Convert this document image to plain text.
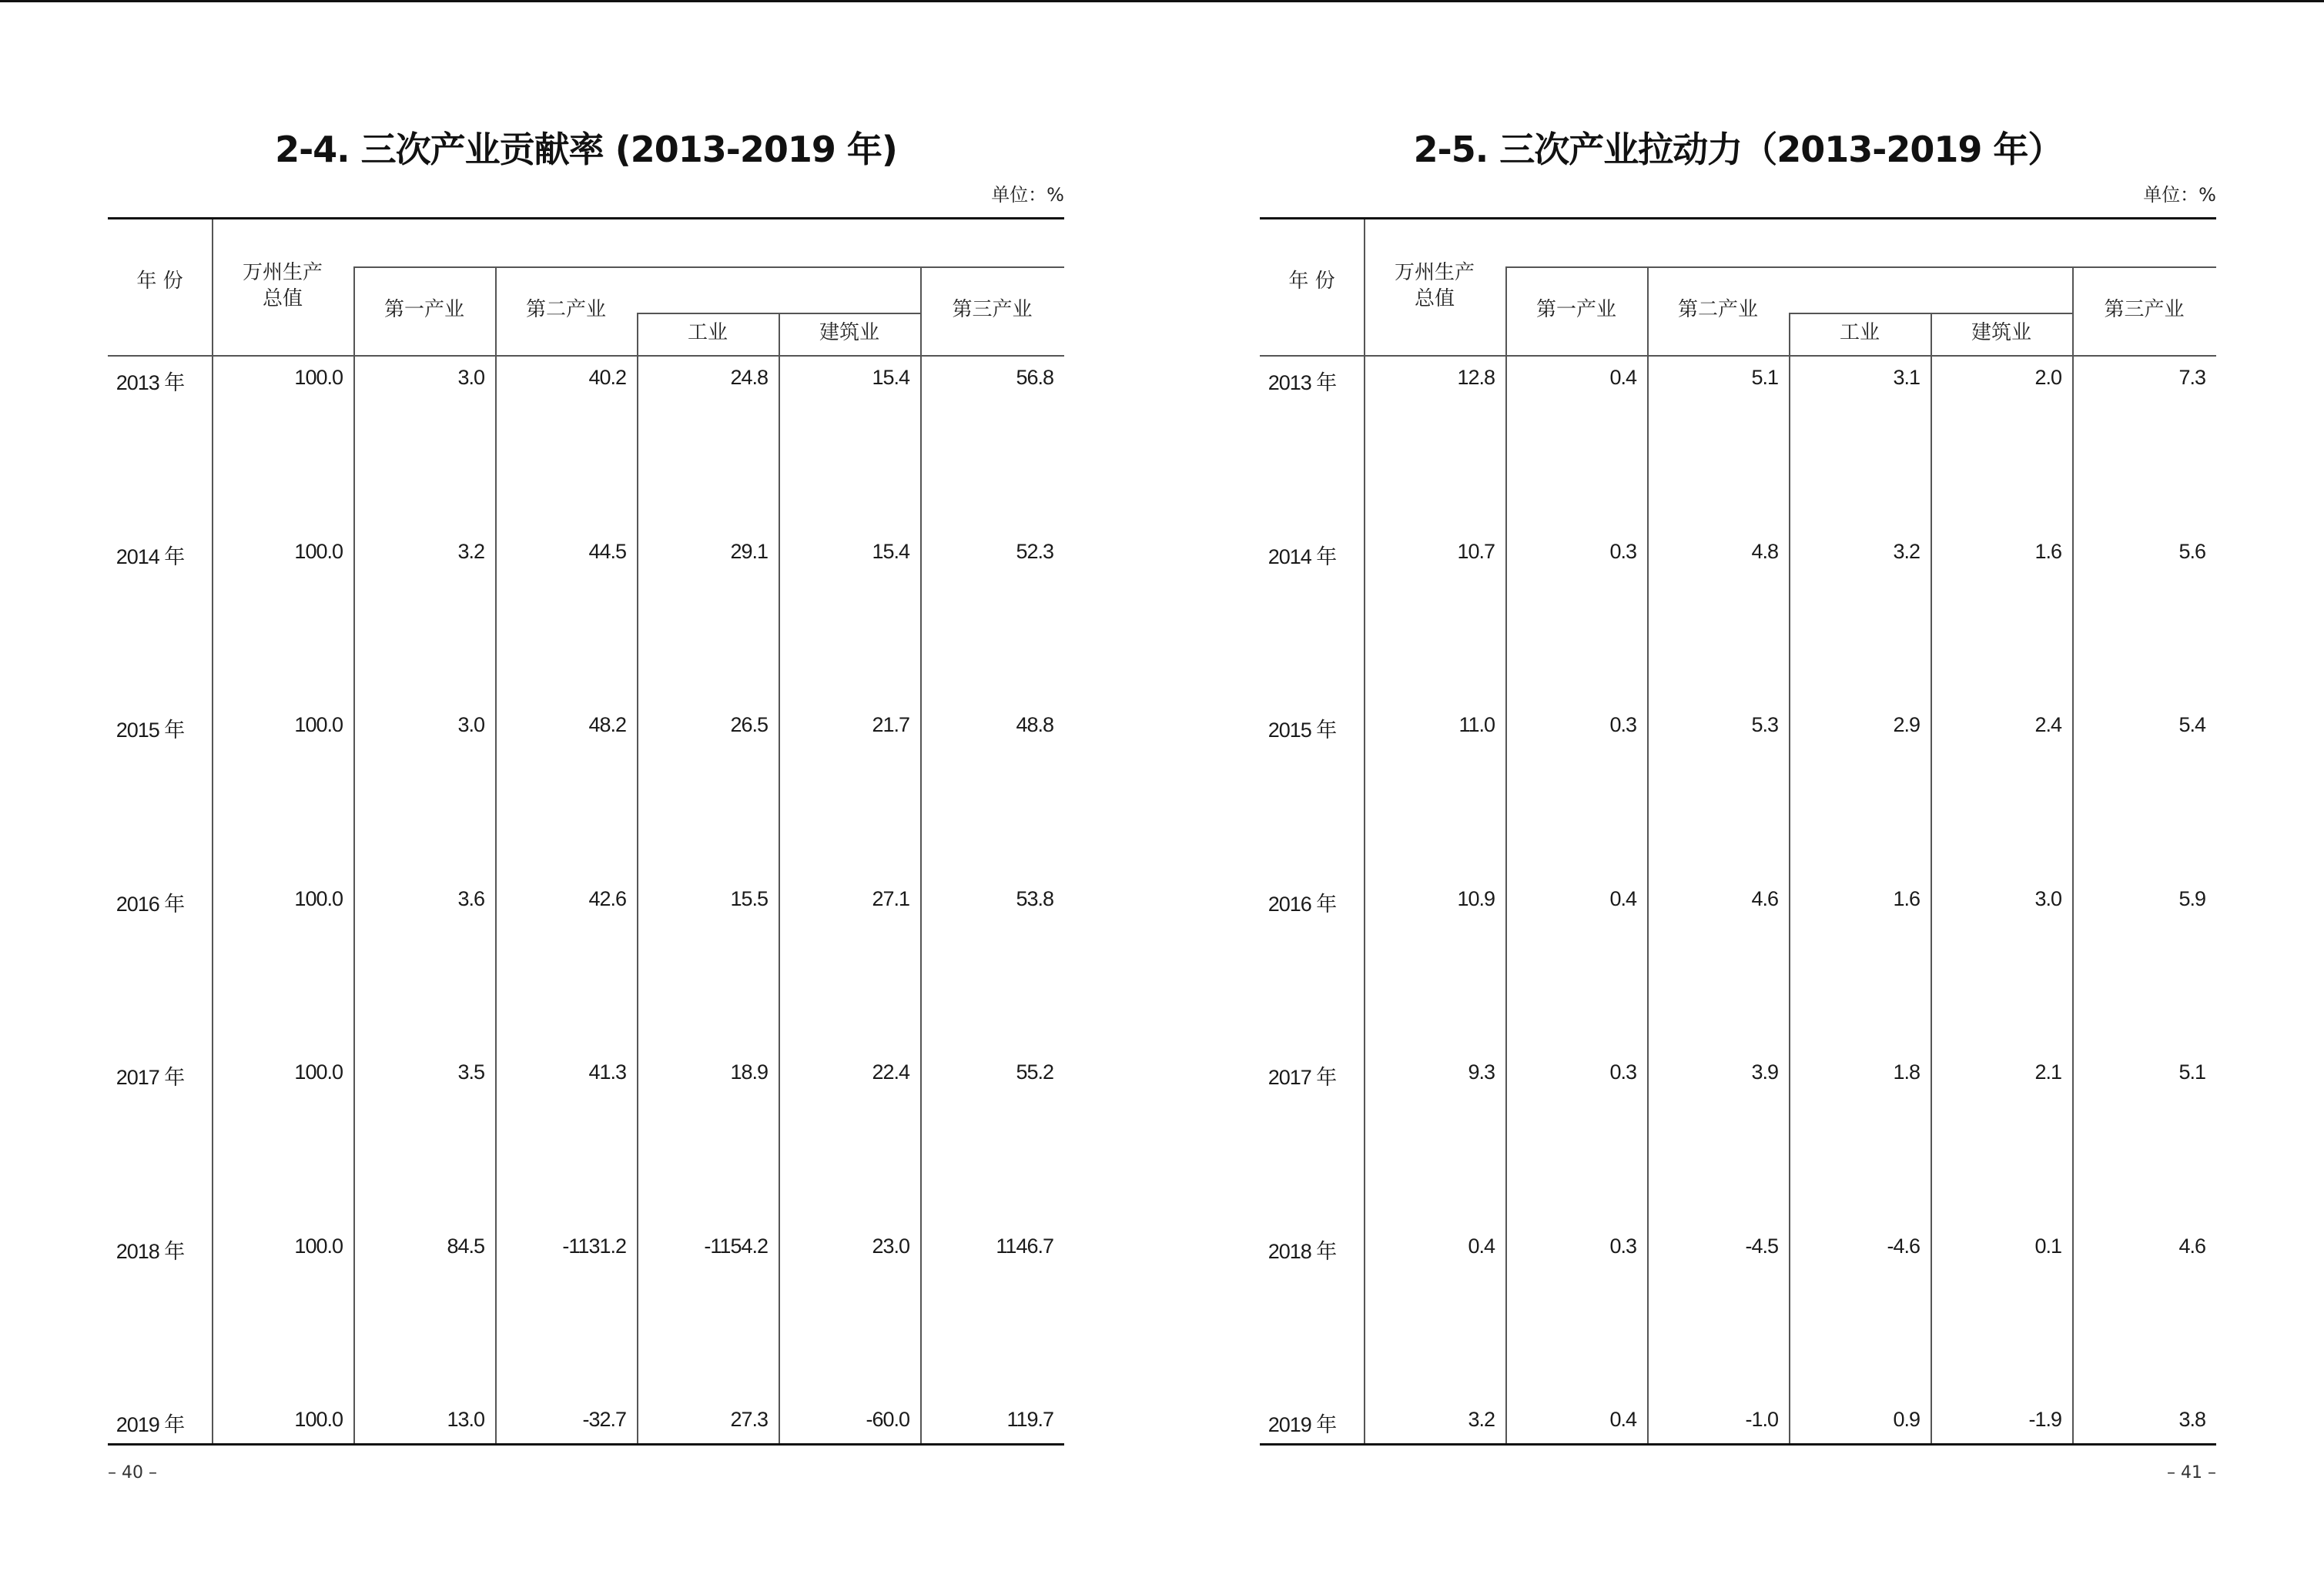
2-4. 三次产业贡献率 (2013-2019 年)
单位：%
年 份	万州生产
总值	第一产业	第二产业
工业	建筑业
第三产业
2013 年	100.0	3.0	40.2	24.8	15.4	56.8
2014 年	100.0	3.2	44.5	29.1	15.4	52.3
2015 年	100.0	3.0	48.2	26.5	21.7	48.8
2016 年	100.0	3.6	42.6	15.5	27.1	53.8
2017 年	100.0	3.5	41.3	18.9	22.4	55.2
2018 年	100.0	84.5	-1131.2	-1154.2	23.0	1146.7
2019 年	100.0	13.0	-32.7	27.3	-60.0	119.7
– 40 –
2-5. 三次产业拉动力（2013-2019 年）
单位：%
年 份	万州生产
总值	第一产业	第二产业
工业	建筑业
第三产业
2013 年	12.8	0.4	5.1	3.1	2.0	7.3
2014 年	10.7	0.3	4.8	3.2	1.6	5.6
2015 年	11.0	0.3	5.3	2.9	2.4	5.4
2016 年	10.9	0.4	4.6	1.6	3.0	5.9
2017 年	9.3	0.3	3.9	1.8	2.1	5.1
2018 年	0.4	0.3	-4.5	-4.6	0.1	4.6
2019 年	3.2	0.4	-1.0	0.9	-1.9	3.8
– 41 –
